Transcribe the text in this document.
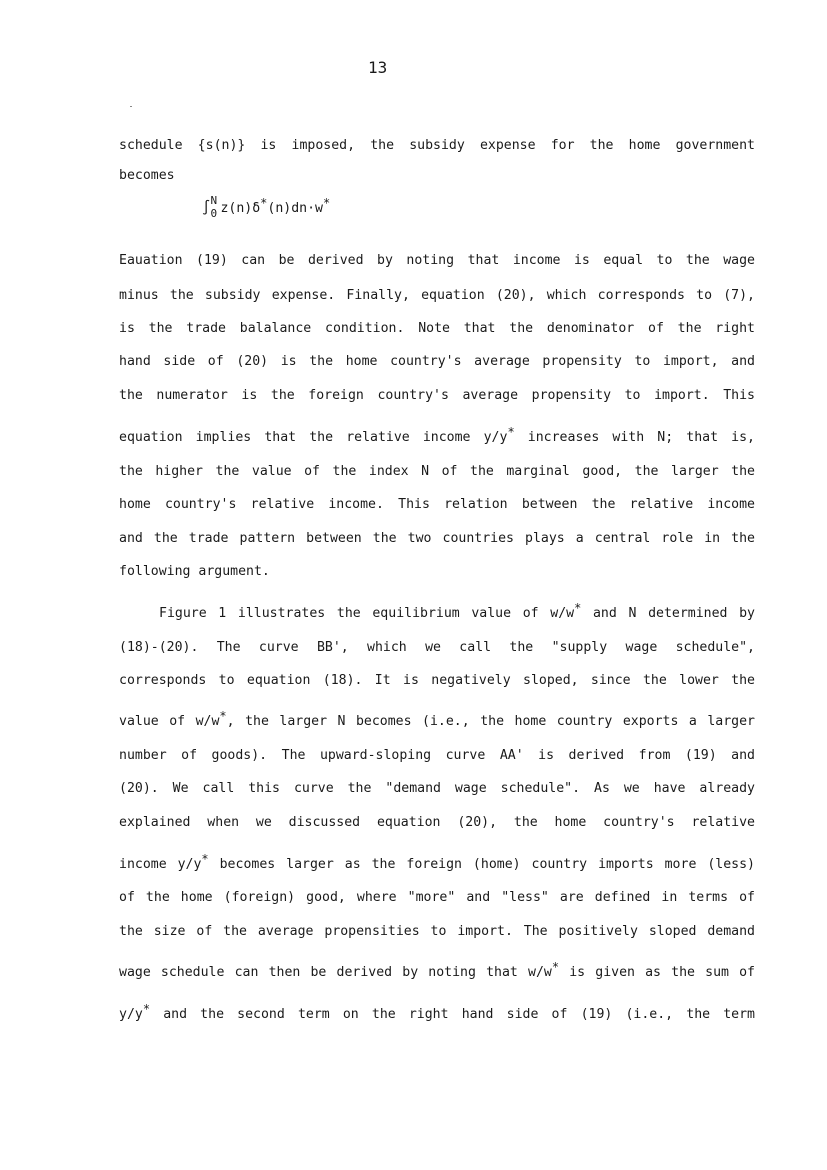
13
schedule {s(n)} is imposed, the subsidy expense for the home government
becomes
∫ N
0 z(n)δ*(n)dn·w*
Eauation (19) can be derived by noting that income is equal to the wage
minus the subsidy expense. Finally, equation (20), which corresponds to (7),
is the trade balalance condition. Note that the denominator of the right
hand side of (20) is the home country's average propensity to import, and
the numerator is the foreign country's average propensity to import. This
equation implies that the relative income y/y* increases with N; that is,
the higher the value of the index N of the marginal good, the larger the
home country's relative income. This relation between the relative income
and the trade pattern between the two countries plays a central role in the
following argument.
Figure 1 illustrates the equilibrium value of w/w* and N determined by
(18)-(20). The curve BB', which we call the "supply wage schedule",
corresponds to equation (18). It is negatively sloped, since the lower the
value of w/w*, the larger N becomes (i.e., the home country exports a larger
number of goods). The upward-sloping curve AA' is derived from (19) and
(20). We call this curve the "demand wage schedule". As we have already
explained when we discussed equation (20), the home country's relative
income y/y* becomes larger as the foreign (home) country imports more (less)
of the home (foreign) good, where "more" and "less" are defined in terms of
the size of the average propensities to import. The positively sloped demand
wage schedule can then be derived by noting that w/w* is given as the sum of
y/y* and the second term on the right hand side of (19) (i.e., the term
